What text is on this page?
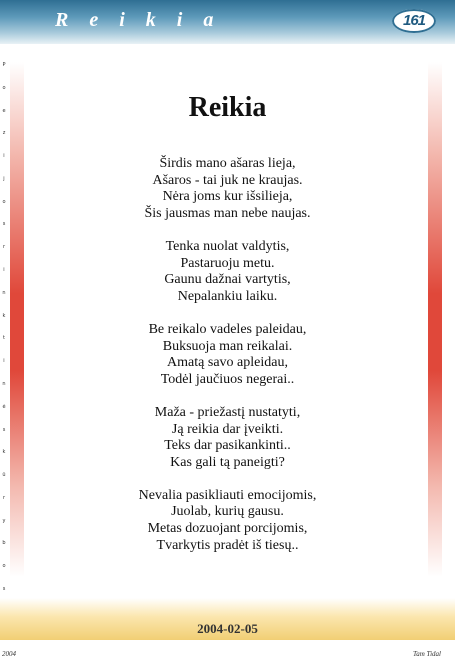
R e i k i a	161
P
o
e
z
i
j
o
s
r
i
n
k
t
i
n
ė
s
k
ū
r
y
b
o
s
Reikia
Širdis mano ašaras lieja,
Ašaros - tai juk ne kraujas.
Nėra joms kur išsilieja,
Šis jausmas man nebe naujas.
Tenka nuolat valdytis,
Pastaruoju metu.
Gaunu dažnai vartytis,
Nepalankiu laiku.
Be reikalo vadeles paleidau,
Buksuoja man reikalai.
Amatą savo apleidau,
Todėl jaučiuos negerai..
Maža - priežastį nustatyti,
Ją reikia dar įveikti.
Teks dar pasikankinti..
Kas gali tą paneigti?
Nevalia pasikliauti emocijomis,
Juolab, kurių gausu.
Metas dozuojant porcijomis,
Tvarkytis pradėt iš tiesų..
2004-02-05
2004	Tam Tidal
